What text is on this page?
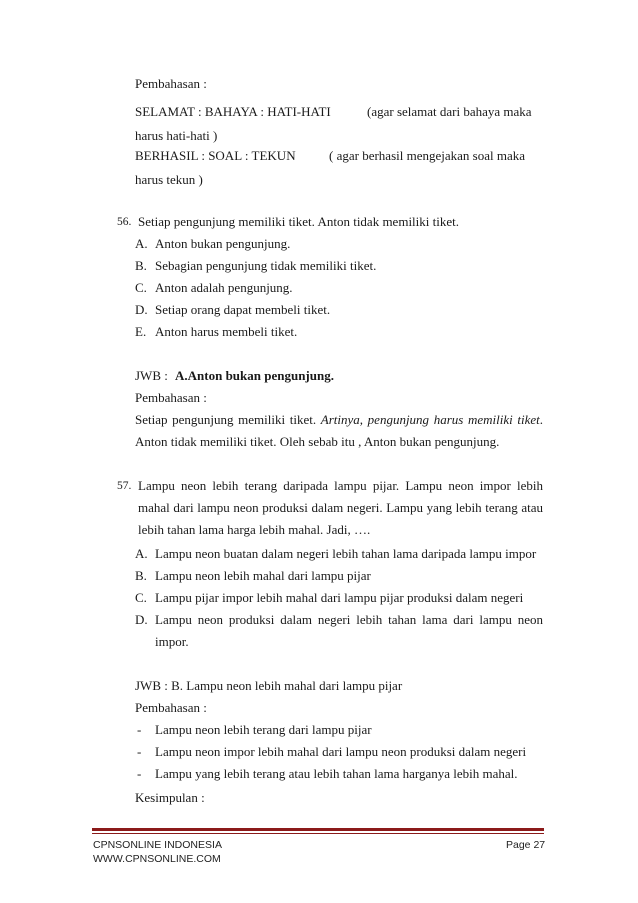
Pembahasan :
SELAMAT : BAHAYA : HATI-HATI	(agar selamat dari bahaya maka
harus hati-hati )
BERHASIL : SOAL : TEKUN	( agar berhasil mengejakan soal maka
harus tekun )
56. Setiap pengunjung memiliki tiket. Anton tidak memiliki tiket.
A. Anton bukan pengunjung.
B. Sebagian pengunjung tidak memiliki tiket.
C. Anton adalah pengunjung.
D. Setiap orang dapat membeli tiket.
E. Anton harus membeli tiket.
JWB : A.Anton bukan pengunjung.
Pembahasan :
Setiap pengunjung memiliki tiket. Artinya, pengunjung harus memiliki tiket.
Anton tidak memiliki tiket. Oleh sebab itu , Anton bukan pengunjung.
57. Lampu neon lebih terang daripada lampu pijar. Lampu neon impor lebih
mahal dari lampu neon produksi dalam negeri. Lampu yang lebih terang atau
lebih tahan lama harga lebih mahal. Jadi, ….
A. Lampu neon buatan dalam negeri lebih tahan lama daripada lampu impor
B. Lampu neon lebih mahal dari lampu pijar
C. Lampu pijar impor lebih mahal dari lampu pijar produksi dalam negeri
D. Lampu neon produksi dalam negeri lebih tahan lama dari lampu neon
impor.
JWB : B. Lampu neon lebih mahal dari lampu pijar
Pembahasan :
- Lampu neon lebih terang dari lampu pijar
- Lampu neon impor lebih mahal dari lampu neon produksi dalam negeri
- Lampu yang lebih terang atau lebih tahan lama harganya lebih mahal.
Kesimpulan :
CPNSONLINE INDONESIA
WWW.CPNSONLINE.COM
Page 27
